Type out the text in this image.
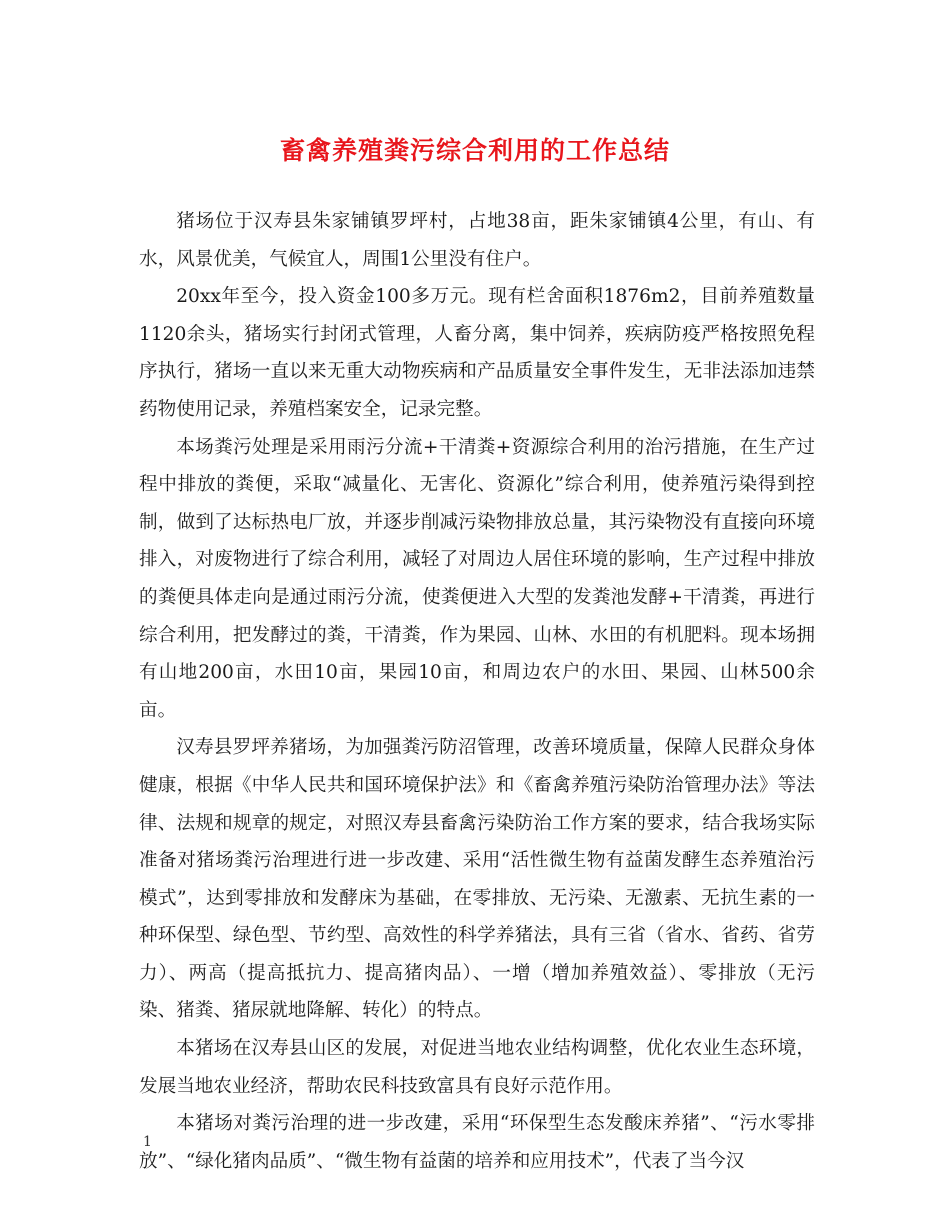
畜禽养殖粪污综合利用的工作总结

猪场位于汉寿县朱家铺镇罗坪村，占地38亩，距朱家铺镇4公里，有山、有水，风景优美，气候宜人，周围1公里没有住户。

20xx年至今，投入资金100多万元。现有栏舍面积1876m2，目前养殖数量1120余头，猪场实行封闭式管理，人畜分离，集中饲养，疾病防疫严格按照免程序执行，猪场一直以来无重大动物疾病和产品质量安全事件发生，无非法添加违禁药物使用记录，养殖档案安全，记录完整。

本场粪污处理是采用雨污分流+干清粪+资源综合利用的治污措施，在生产过程中排放的粪便，采取“减量化、无害化、资源化”综合利用，使养殖污染得到控制，做到了达标热电厂放，并逐步削减污染物排放总量，其污染物没有直接向环境排入，对废物进行了综合利用，减轻了对周边人居住环境的影响，生产过程中排放的粪便具体走向是通过雨污分流，使粪便进入大型的发粪池发酵+干清粪，再进行综合利用，把发酵过的粪，干清粪，作为果园、山林、水田的有机肥料。现本场拥有山地200亩，水田10亩，果园10亩，和周边农户的水田、果园、山林500余亩。

汉寿县罗坪养猪场，为加强粪污防沼管理，改善环境质量，保障人民群众身体健康，根据《中华人民共和国环境保护法》和《畜禽养殖污染防治管理办法》等法律、法规和规章的规定，对照汉寿县畜禽污染防治工作方案的要求，结合我场实际准备对猪场粪污治理进行进一步改建、采用“活性微生物有益菌发酵生态养殖治污模式”，达到零排放和发酵床为基础，在零排放、无污染、无激素、无抗生素的一种环保型、绿色型、节约型、高效性的科学养猪法，具有三省（省水、省药、省劳力）、两高（提高抵抗力、提高猪肉品）、一增（增加养殖效益）、零排放（无污染、猪粪、猪尿就地降解、转化）的特点。

本猪场在汉寿县山区的发展，对促进当地农业结构调整，优化农业生态环境，发展当地农业经济，帮助农民科技致富具有良好示范作用。

本猪场对粪污治理的进一步改建，采用“环保型生态发酸床养猪”、“污水零排放”、“绿化猪肉品质”、“微生物有益菌的培养和应用技术”，代表了当今汉

1
